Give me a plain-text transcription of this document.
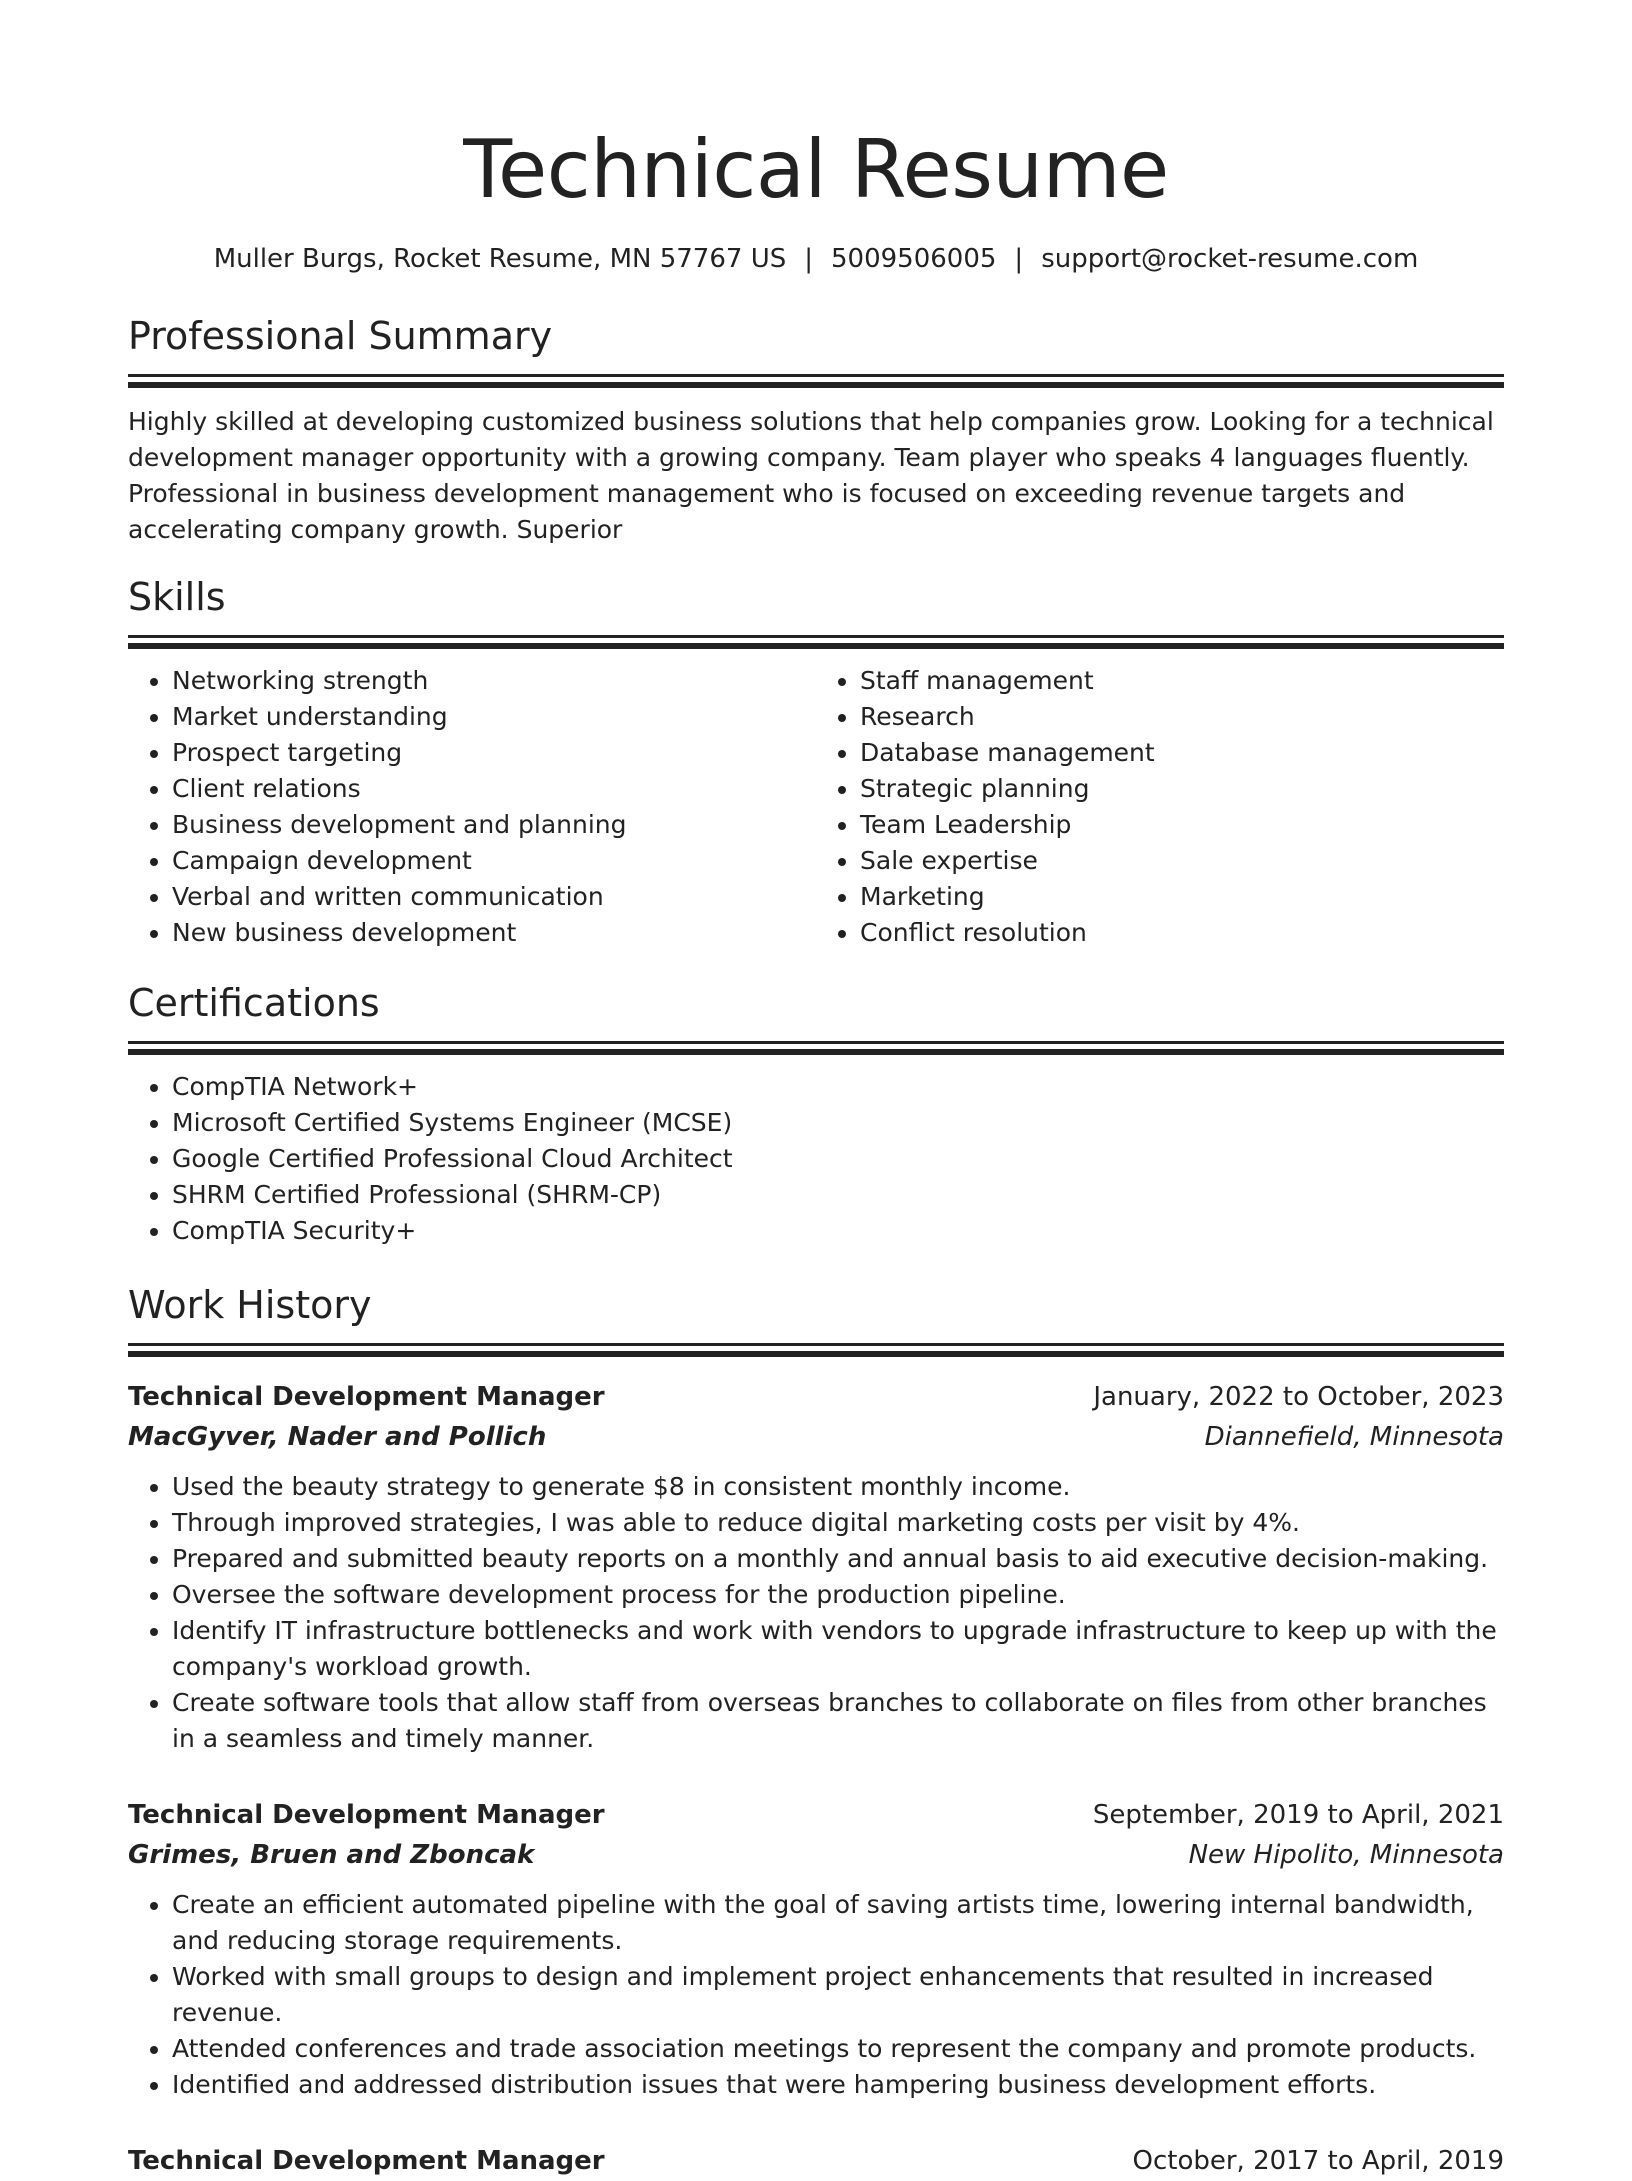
Technical Resume
Muller Burgs, Rocket Resume, MN 57767 US | 5009506005 | support@rocket-resume.com
Professional Summary

Highly skilled at developing customized business solutions that help companies grow. Looking for a technical development manager opportunity with a growing company. Team player who speaks 4 languages fluently. Professional in business development management who is focused on exceeding revenue targets and accelerating company growth. Superior

Skills
• Networking strength
• Market understanding
• Prospect targeting
• Client relations
• Business development and planning
• Campaign development
• Verbal and written communication
• New business development
• Staff management
• Research
• Database management
• Strategic planning
• Team Leadership
• Sale expertise
• Marketing
• Conflict resolution
Certifications
• CompTIA Network+
• Microsoft Certified Systems Engineer (MCSE)
• Google Certified Professional Cloud Architect
• SHRM Certified Professional (SHRM-CP)
• CompTIA Security+
Work History
Technical Development Manager	January, 2022 to October, 2023
MacGyver, Nader and Pollich	Diannefield, Minnesota
• Used the beauty strategy to generate $8 in consistent monthly income.
• Through improved strategies, I was able to reduce digital marketing costs per visit by 4%.
• Prepared and submitted beauty reports on a monthly and annual basis to aid executive decision-making.
• Oversee the software development process for the production pipeline.
• Identify IT infrastructure bottlenecks and work with vendors to upgrade infrastructure to keep up with the company's workload growth.
• Create software tools that allow staff from overseas branches to collaborate on files from other branches in a seamless and timely manner.
Technical Development Manager	September, 2019 to April, 2021
Grimes, Bruen and Zboncak	New Hipolito, Minnesota
• Create an efficient automated pipeline with the goal of saving artists time, lowering internal bandwidth, and reducing storage requirements.
• Worked with small groups to design and implement project enhancements that resulted in increased revenue.
• Attended conferences and trade association meetings to represent the company and promote products.
• Identified and addressed distribution issues that were hampering business development efforts.
Technical Development Manager	October, 2017 to April, 2019
